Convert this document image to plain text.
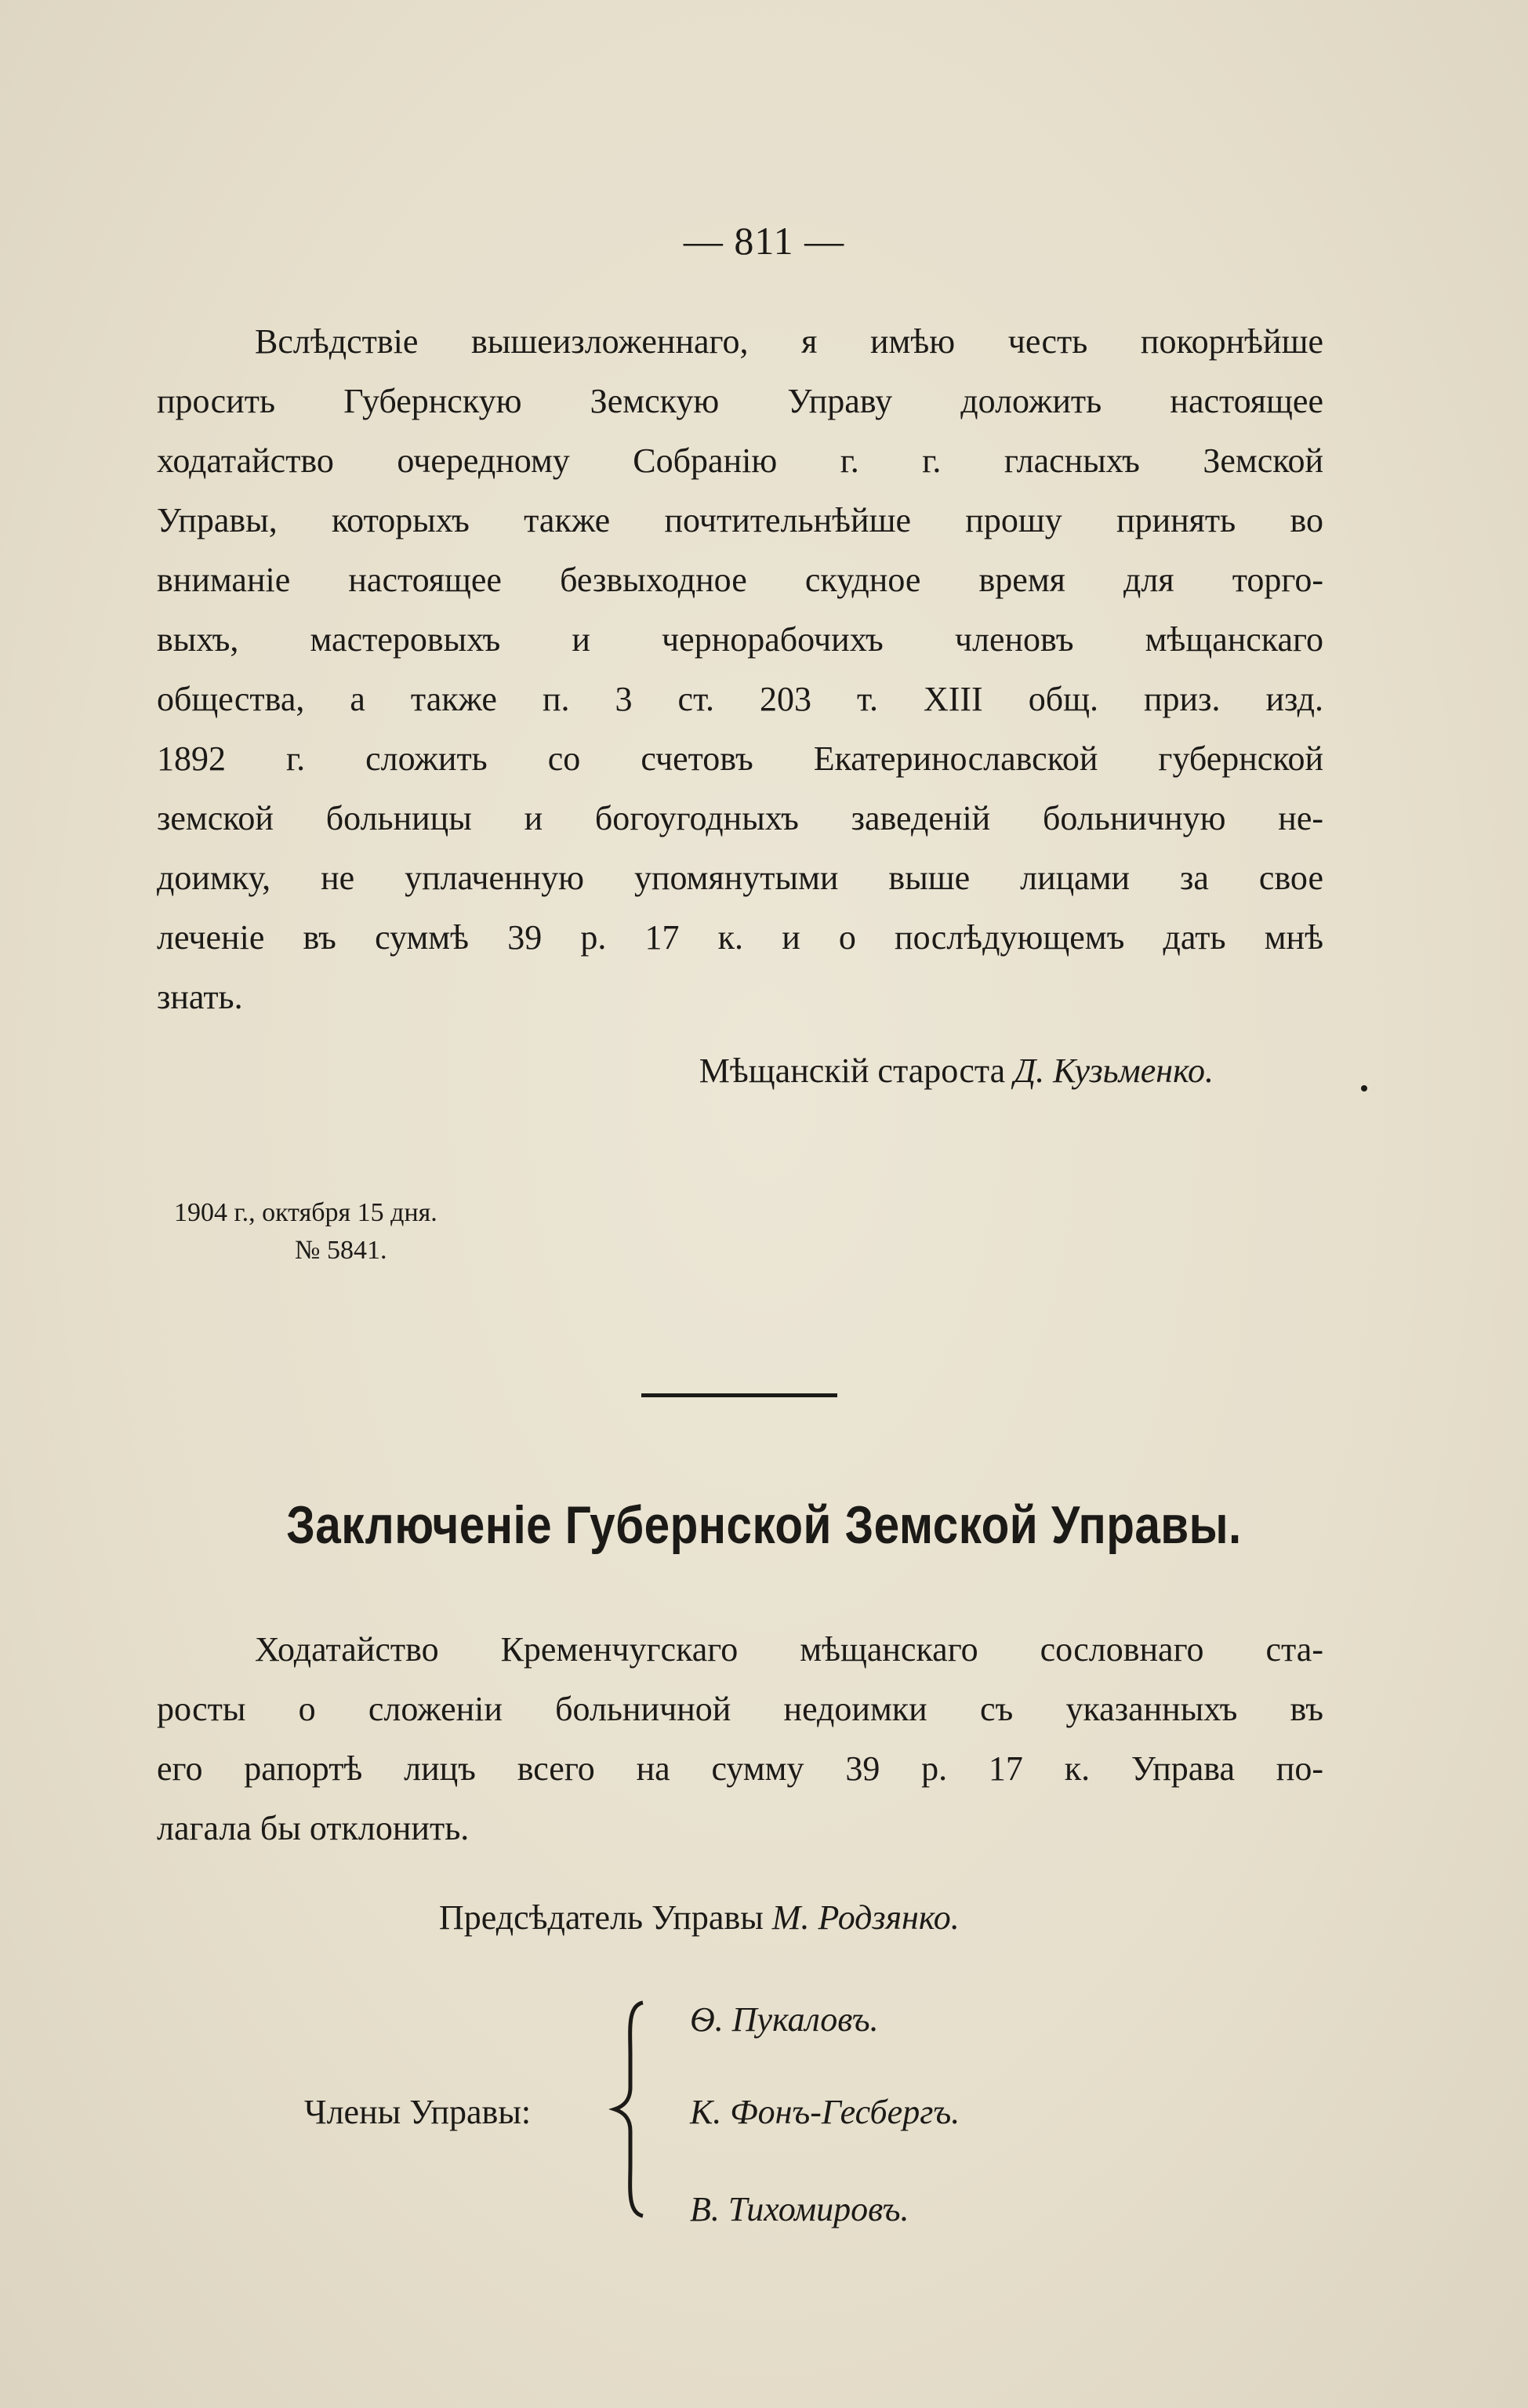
— 811 —
Вслѣдствіе вышеизложеннаго, я имѣю честь покорнѣйше
просить Губернскую Земскую Управу доложить настоящее
ходатайство очередному Собранію г. г. гласныхъ Земской
Управы, которыхъ также почтительнѣйше прошу принять во
вниманіе настоящее безвыходное скудное время для торго-
выхъ, мастеровыхъ и чернорабочихъ членовъ мѣщанскаго
общества, а также п. 3 ст. 203 т. XIII общ. приз. изд.
1892 г. сложить со счетовъ Екатеринославской губернской
земской больницы и богоугодныхъ заведеній больничную не-
доимку, не уплаченную упомянутыми выше лицами за свое
леченіе въ суммѣ 39 р. 17 к. и о послѣдующемъ дать мнѣ
знать.
Мѣщанскій староста Д. Кузьменко.
1904 г., октября 15 дня.
№ 5841.
Заключеніе Губернской Земской Управы.
Ходатайство Кременчугскаго мѣщанскаго сословнаго ста-
росты о сложеніи больничной недоимки съ указанныхъ въ
его рапортѣ лицъ всего на сумму 39 р. 17 к. Управа по-
лагала бы отклонить.
Предсѣдатель Управы М. Родзянко.
Члены Управы:
Ѳ. Пукаловъ.
К. Фонъ-Гесбергъ.
В. Тихомировъ.
